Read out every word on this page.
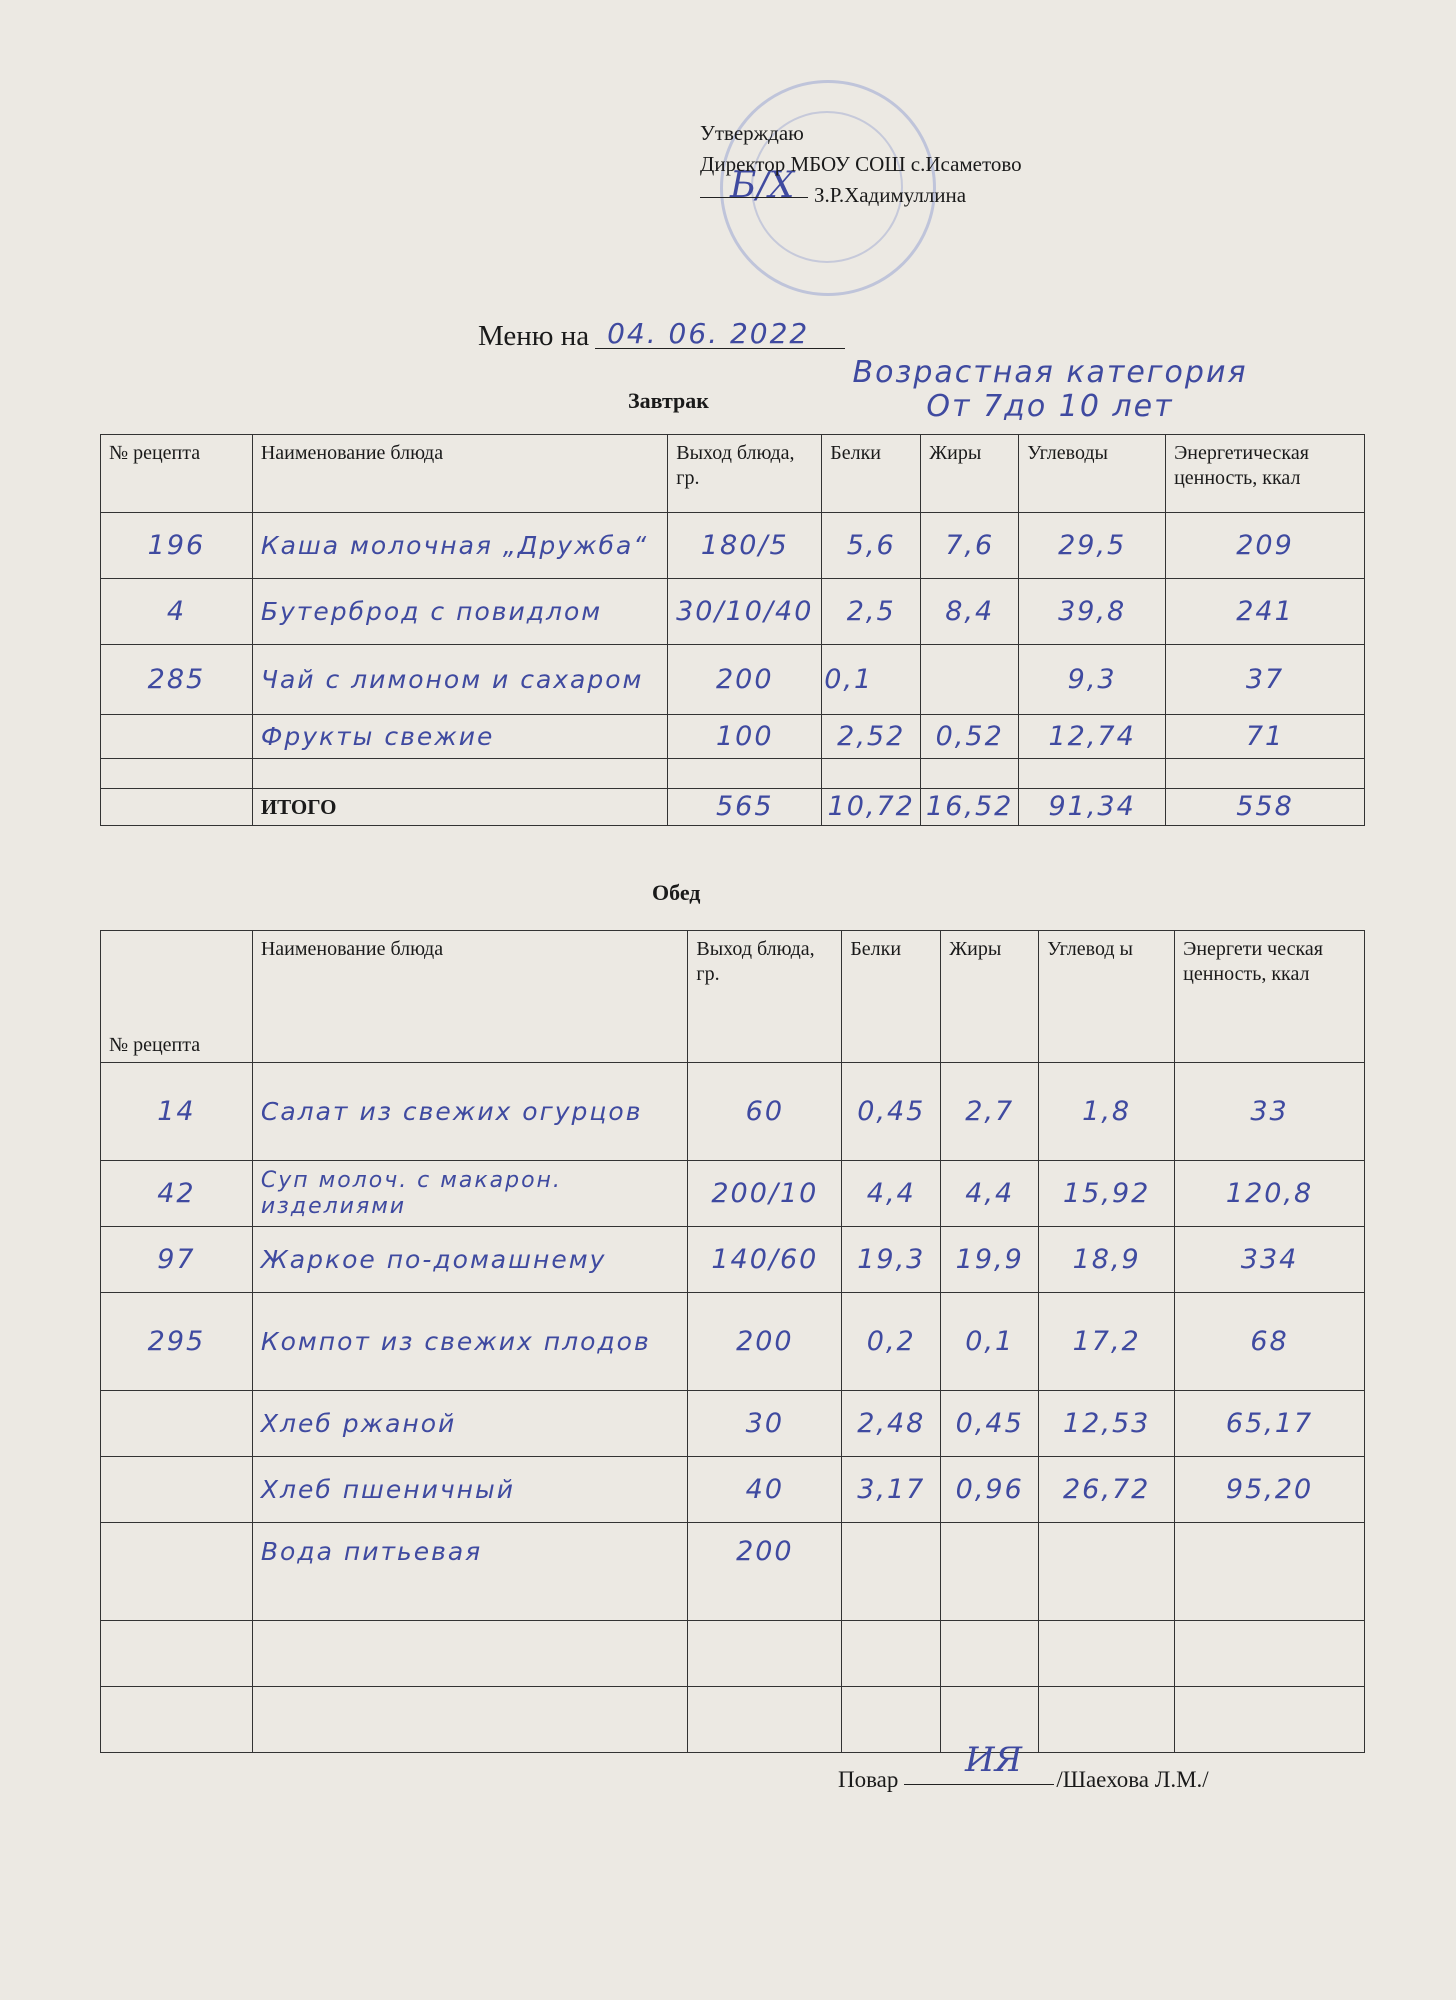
Б/Х
Утверждаю
Директор МБОУ СОШ с.Исаметово
З.Р.Хадимуллина
Меню на 04. 06. 2022
Завтрак
Возрастная категория
От 7до 10 лет
№ рецепта	Наименование блюда	Выход блюда, гр.	Белки	Жиры	Углеводы	Энергетическая ценность, ккал
196	Каша молочная „Дружба“	180/5	5,6	7,6	29,5	209
4	Бутерброд с повидлом	30/10/40	2,5	8,4	39,8	241
285	Чай с лимоном и сахаром	200	0,1		9,3	37
	Фрукты свежие	100	2,52	0,52	12,74	71

	ИТОГО	565	10,72	16,52	91,34	558
Обед
№ рецепта	Наименование блюда	Выход блюда, гр.	Белки	Жиры	Углевод ы	Энергети ческая ценность, ккал
14	Салат из свежих огурцов	60	0,45	2,7	1,8	33
42	Суп молоч. с макарон. изделиями	200/10	4,4	4,4	15,92	120,8
97	Жаркое по-домашнему	140/60	19,3	19,9	18,9	334
295	Компот из свежих плодов	200	0,2	0,1	17,2	68
	Хлеб ржаной	30	2,48	0,45	12,53	65,17
	Хлеб пшеничный	40	3,17	0,96	26,72	95,20
	Вода питьевая	200				

ИЯ
Повар	/Шаехова Л.М./
